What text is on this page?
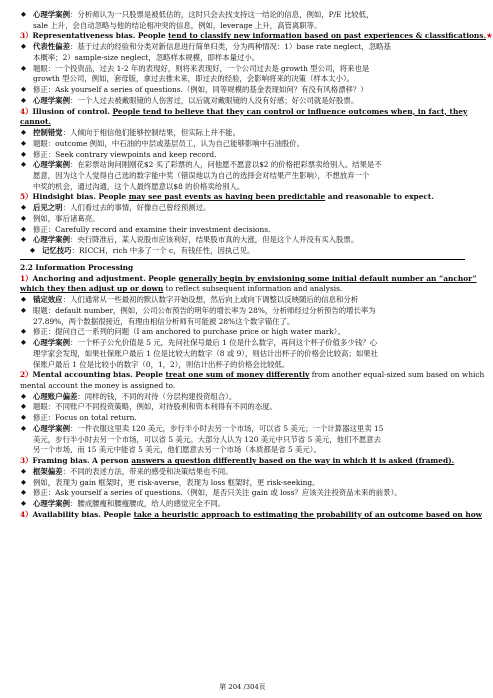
◆ 心理学案例：分析师认为一只股票是被低估的，这时只会去找支持这一结论的信息，例如，P/E 比较低，
sale 上升，会自动忽略与他的结论相冲突的信息，例如，leverage 上升，高管离职等。
3）Representativeness bias. People tend to classify new information based on past experiences & classifications.★
◆ 代表性偏差：基于过去的经验和分类对新信息进行简单归类，分为两种情况：1）base rate neglect，忽略基
本概率；2）sample-size neglect，忽略样本规模，即样本量过小。
◆ 题眼：一个投资品，过去 1-2 年的表现好，则将来表现好，一个公司过去是 growth 型公司，将来也是
growth 型公司，例如，套母版，拿过去推未来，即过去的经验，会影响将来的决策（样本太小）。
◆ 修正：Ask yourself a series of questions.（例如，同等规模的基金表现如何？有没有风格漂移？）
◆ 心理学案例：一个人过去被戴眼镜的人伤害过，以后就对戴眼镜的人没有好感；好公司就是好股票。
4）Illusion of control. People tend to believe that they can control or influence outcomes when, in fact, they
cannot.
◆ 控制错觉：人倾向于相信他们能够控制结果，但实际上并不能。
◆ 题眼：outcome 例如，中石油的中层或基层员工，认为自己能够影响中石油股价。
◆ 修正：Seek contrary viewpoints and keep record.
◆ 心理学案例：在彩票站询问刚刚花$2 买了彩票的人，问他愿不愿意以$2 的价格把彩票卖给别人。结果是不
愿意，因为这个人觉得自己选的数字能中奖（错误地以为自己的选择会对结果产生影响），不想放弃一个
中奖的机会，通过沟通，这个人最终愿意以$8 的价格卖给别人。
5）Hindsight bias. People may see past events as having been predictable and reasonable to expect.
◆ 后见之明：人们看过去的事情，好像自己曾经预测过。
◆ 例如，事后诸葛亮。
◆ 修正：Carefully record and examine their investment decisions.
◆ 心理学案例：央行降准后，某人说股市应该利好，结果股市真的大涨，但是这个人并没有买入股票。
◆ 记忆技巧：RICCH，rich 中多了一个 c，有钱任性，因执己见。
2.2 Information Processing
1）Anchoring and adjustment. People generally begin by envisioning some initial default number an “anchor”
which they then adjust up or down to reflect subsequent information and analysis.
◆ 锚定效应：人们通常从一些最初的默认数字开始设想，然后向上或向下调整以反映随后的信息和分析
◆ 眼题：default number，例如，公司公布预告的明年的增长率为 28%，分析师经过分析预告的增长率为
27.89%，两个数据很接近，有理由相信分析师有可能被 28%这个数字锚住了。
◆ 修正：提问自己一系列的问题（I am anchored to purchase price or high water mark）。
◆ 心理学案例：一个杯子公允价值是 5 元，先问社保号最后 1 位是什么数字，再问这个杯子价值多少钱？心
理学家会发现，如果社保账户最后 1 位是比较大的数字（8 或 9），则估计出杯子的价格会比较高；如果社
保账户最后 1 位是比较小的数字（0，1，2），则估计出杯子的价格会比较低。
2）Mental accounting bias. People treat one sum of money differently from another equal-sized sum based on which
mental account the money is assigned to.
◆ 心理账户偏差：同样的钱，不同的对待（分层构建投资组合）。
◆ 题眼：不同账户不同投资策略，例如，对待股利和资本利得有不同的态度。
◆ 修正：Focus on total return.
◆ 心理学案例：一件衣服这里卖 120 美元，步行半小时去另一个市场，可以省 5 美元；一个计算器这里卖 15
美元，步行半小时去另一个市场，可以省 5 美元。大部分人认为 120 美元中只节省 5 美元，他们不愿意去
另一个市场，而 15 美元中能省 5 美元，他们愿意去另一个市场（本质都是省 5 美元）。
3）Framing bias. A person answers a question differently based on the way in which it is asked (framed).
◆ 框架偏差：不同的表述方法，带来的感受和决策结果也不同。
◆ 例如，表现为 gain 框架时，更 risk-averse，表现为 loss 框架时，更 risk-seeking。
◆ 修正：Ask yourself a series of questions.（例如，是否只关注 gain 或 loss？应该关注投资品未来的前景）。
◆ 心理学案例：腰成腰瘦和腰瘦腰成，给人的感觉完全不同。
4）Availability bias. People take a heuristic approach to estimating the probability of an outcome based on how
第 204 /304页
